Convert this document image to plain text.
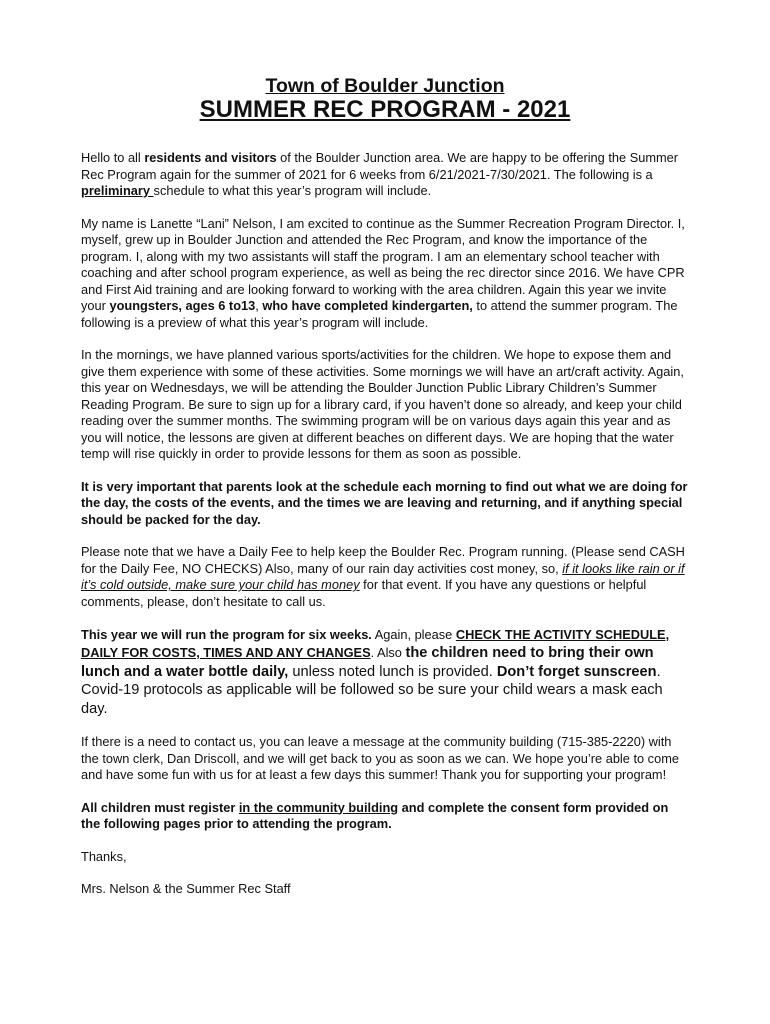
Town of Boulder Junction
SUMMER REC PROGRAM - 2021

Hello to all residents and visitors of the Boulder Junction area. We are happy to be offering the Summer Rec Program again for the summer of 2021 for 6 weeks from 6/21/2021-7/30/2021. The following is a preliminary schedule to what this year’s program will include.

My name is Lanette “Lani” Nelson, I am excited to continue as the Summer Recreation Program Director. I, myself, grew up in Boulder Junction and attended the Rec Program, and know the importance of the program. I, along with my two assistants will staff the program. I am an elementary school teacher with coaching and after school program experience, as well as being the rec director since 2016. We have CPR and First Aid training and are looking forward to working with the area children. Again this year we invite your youngsters, ages 6 to13, who have completed kindergarten, to attend the summer program. The following is a preview of what this year’s program will include.

In the mornings, we have planned various sports/activities for the children. We hope to expose them and give them experience with some of these activities. Some mornings we will have an art/craft activity. Again, this year on Wednesdays, we will be attending the Boulder Junction Public Library Children’s Summer Reading Program. Be sure to sign up for a library card, if you haven’t done so already, and keep your child reading over the summer months. The swimming program will be on various days again this year and as you will notice, the lessons are given at different beaches on different days. We are hoping that the water temp will rise quickly in order to provide lessons for them as soon as possible.

It is very important that parents look at the schedule each morning to find out what we are doing for the day, the costs of the events, and the times we are leaving and returning, and if anything special should be packed for the day.

Please note that we have a Daily Fee to help keep the Boulder Rec. Program running. (Please send CASH for the Daily Fee, NO CHECKS) Also, many of our rain day activities cost money, so, if it looks like rain or if it’s cold outside, make sure your child has money for that event. If you have any questions or helpful comments, please, don’t hesitate to call us.

This year we will run the program for six weeks. Again, please CHECK THE ACTIVITY SCHEDULE, DAILY FOR COSTS, TIMES AND ANY CHANGES. Also the children need to bring their own lunch and a water bottle daily, unless noted lunch is provided. Don’t forget sunscreen. Covid-19 protocols as applicable will be followed so be sure your child wears a mask each day.

If there is a need to contact us, you can leave a message at the community building (715-385-2220) with the town clerk, Dan Driscoll, and we will get back to you as soon as we can. We hope you’re able to come and have some fun with us for at least a few days this summer! Thank you for supporting your program!

All children must register in the community building and complete the consent form provided on the following pages prior to attending the program.

Thanks,

Mrs. Nelson & the Summer Rec Staff
